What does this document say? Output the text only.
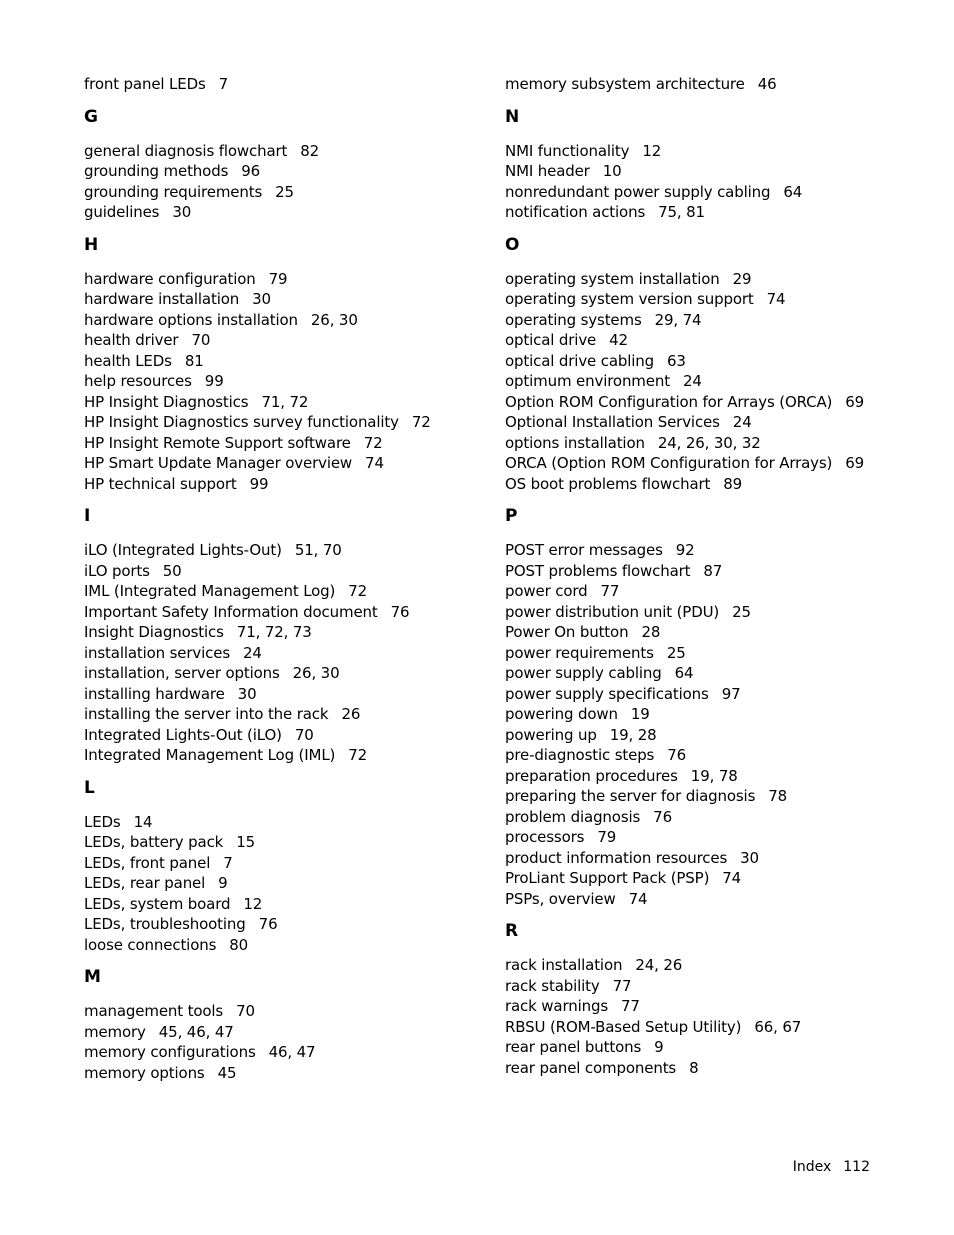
front panel LEDs 7
G
general diagnosis flowchart 82
grounding methods 96
grounding requirements 25
guidelines 30
H
hardware configuration 79
hardware installation 30
hardware options installation 26, 30
health driver 70
health LEDs 81
help resources 99
HP Insight Diagnostics 71, 72
HP Insight Diagnostics survey functionality 72
HP Insight Remote Support software 72
HP Smart Update Manager overview 74
HP technical support 99
I
iLO (Integrated Lights-Out) 51, 70
iLO ports 50
IML (Integrated Management Log) 72
Important Safety Information document 76
Insight Diagnostics 71, 72, 73
installation services 24
installation, server options 26, 30
installing hardware 30
installing the server into the rack 26
Integrated Lights-Out (iLO) 70
Integrated Management Log (IML) 72
L
LEDs 14
LEDs, battery pack 15
LEDs, front panel 7
LEDs, rear panel 9
LEDs, system board 12
LEDs, troubleshooting 76
loose connections 80
M
management tools 70
memory 45, 46, 47
memory configurations 46, 47
memory options 45
memory subsystem architecture 46
N
NMI functionality 12
NMI header 10
nonredundant power supply cabling 64
notification actions 75, 81
O
operating system installation 29
operating system version support 74
operating systems 29, 74
optical drive 42
optical drive cabling 63
optimum environment 24
Option ROM Configuration for Arrays (ORCA) 69
Optional Installation Services 24
options installation 24, 26, 30, 32
ORCA (Option ROM Configuration for Arrays) 69
OS boot problems flowchart 89
P
POST error messages 92
POST problems flowchart 87
power cord 77
power distribution unit (PDU) 25
Power On button 28
power requirements 25
power supply cabling 64
power supply specifications 97
powering down 19
powering up 19, 28
pre-diagnostic steps 76
preparation procedures 19, 78
preparing the server for diagnosis 78
problem diagnosis 76
processors 79
product information resources 30
ProLiant Support Pack (PSP) 74
PSPs, overview 74
R
rack installation 24, 26
rack stability 77
rack warnings 77
RBSU (ROM-Based Setup Utility) 66, 67
rear panel buttons 9
rear panel components 8
Index 112
